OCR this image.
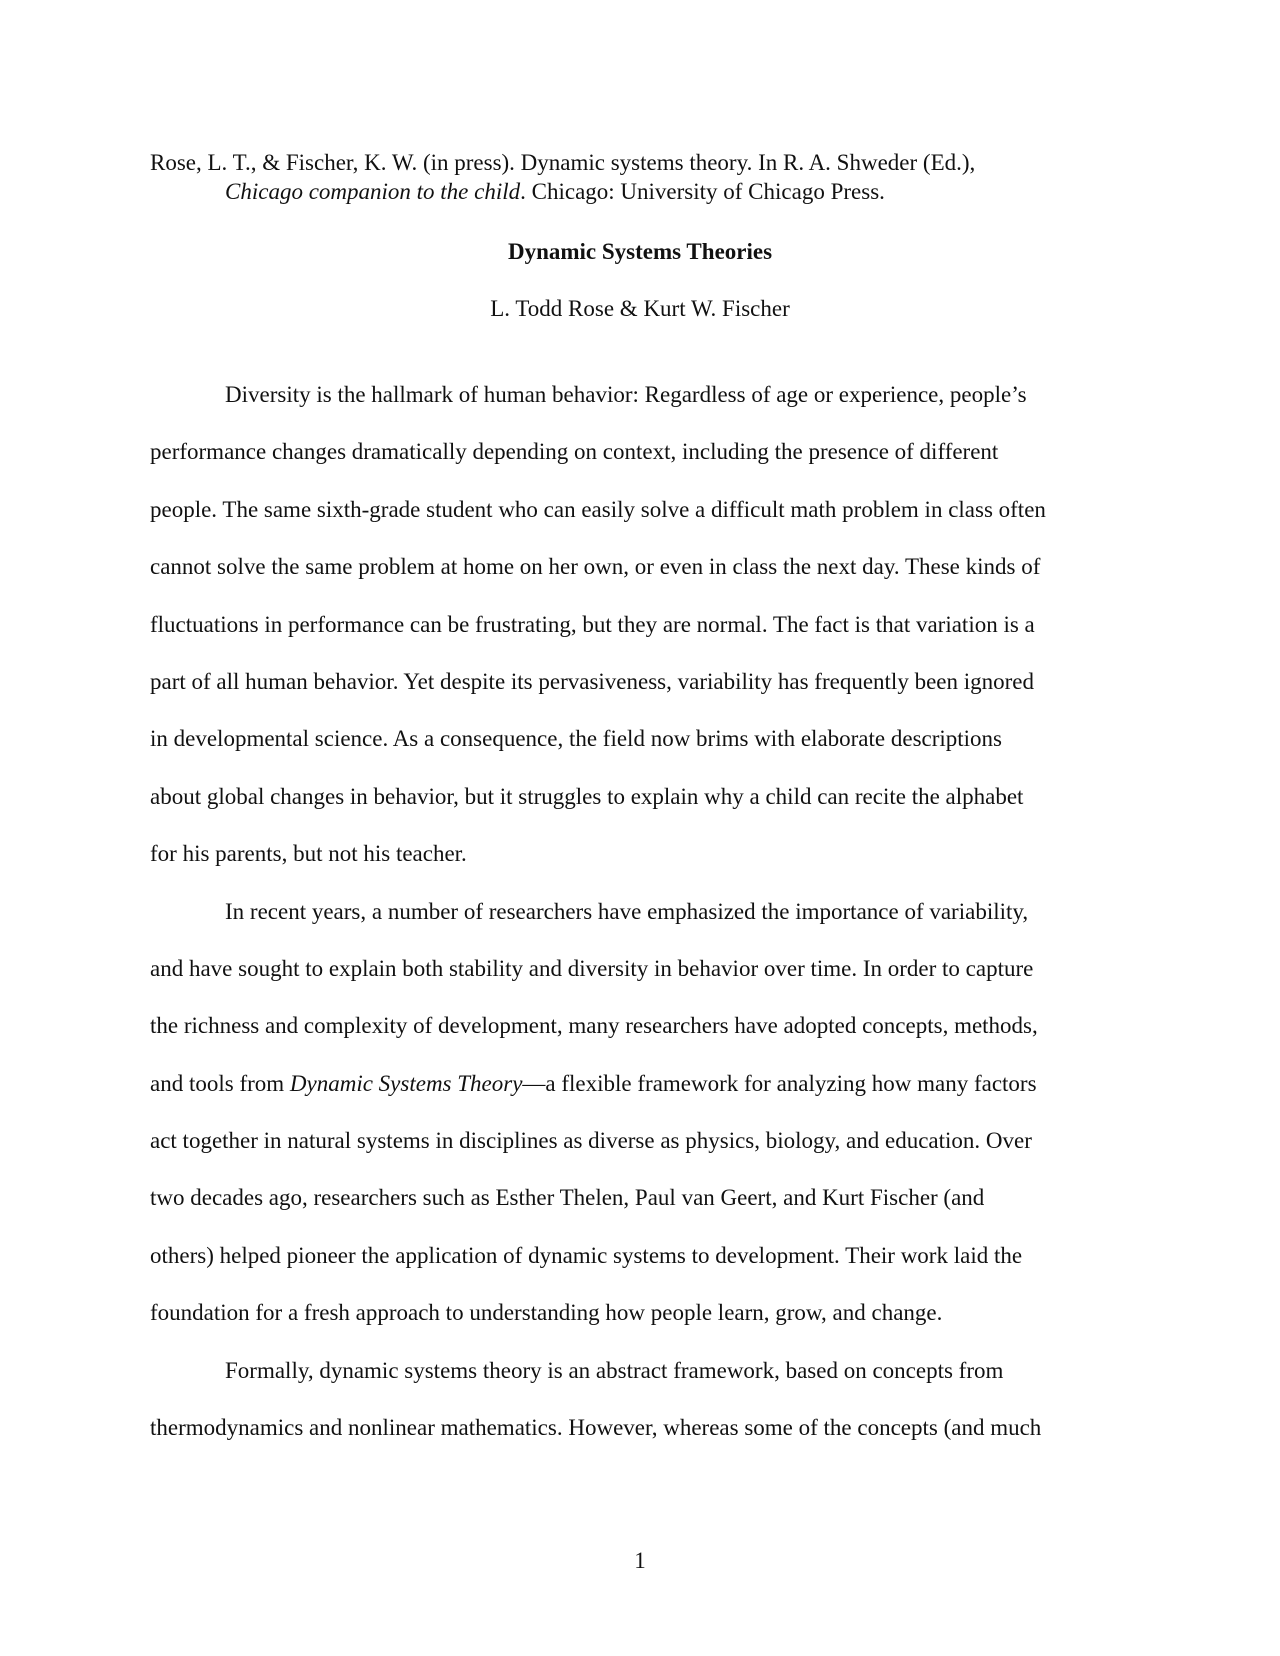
Rose, L. T., & Fischer, K. W. (in press). Dynamic systems theory. In R. A. Shweder (Ed.),
Chicago companion to the child. Chicago: University of Chicago Press.
Dynamic Systems Theories
L. Todd Rose & Kurt W. Fischer
Diversity is the hallmark of human behavior: Regardless of age or experience, people’s
performance changes dramatically depending on context, including the presence of different
people. The same sixth-grade student who can easily solve a difficult math problem in class often
cannot solve the same problem at home on her own, or even in class the next day. These kinds of
fluctuations in performance can be frustrating, but they are normal. The fact is that variation is a
part of all human behavior. Yet despite its pervasiveness, variability has frequently been ignored
in developmental science. As a consequence, the field now brims with elaborate descriptions
about global changes in behavior, but it struggles to explain why a child can recite the alphabet
for his parents, but not his teacher.
In recent years, a number of researchers have emphasized the importance of variability,
and have sought to explain both stability and diversity in behavior over time. In order to capture
the richness and complexity of development, many researchers have adopted concepts, methods,
and tools from Dynamic Systems Theory—a flexible framework for analyzing how many factors
act together in natural systems in disciplines as diverse as physics, biology, and education. Over
two decades ago, researchers such as Esther Thelen, Paul van Geert, and Kurt Fischer (and
others) helped pioneer the application of dynamic systems to development. Their work laid the
foundation for a fresh approach to understanding how people learn, grow, and change.
Formally, dynamic systems theory is an abstract framework, based on concepts from
thermodynamics and nonlinear mathematics. However, whereas some of the concepts (and much
1
